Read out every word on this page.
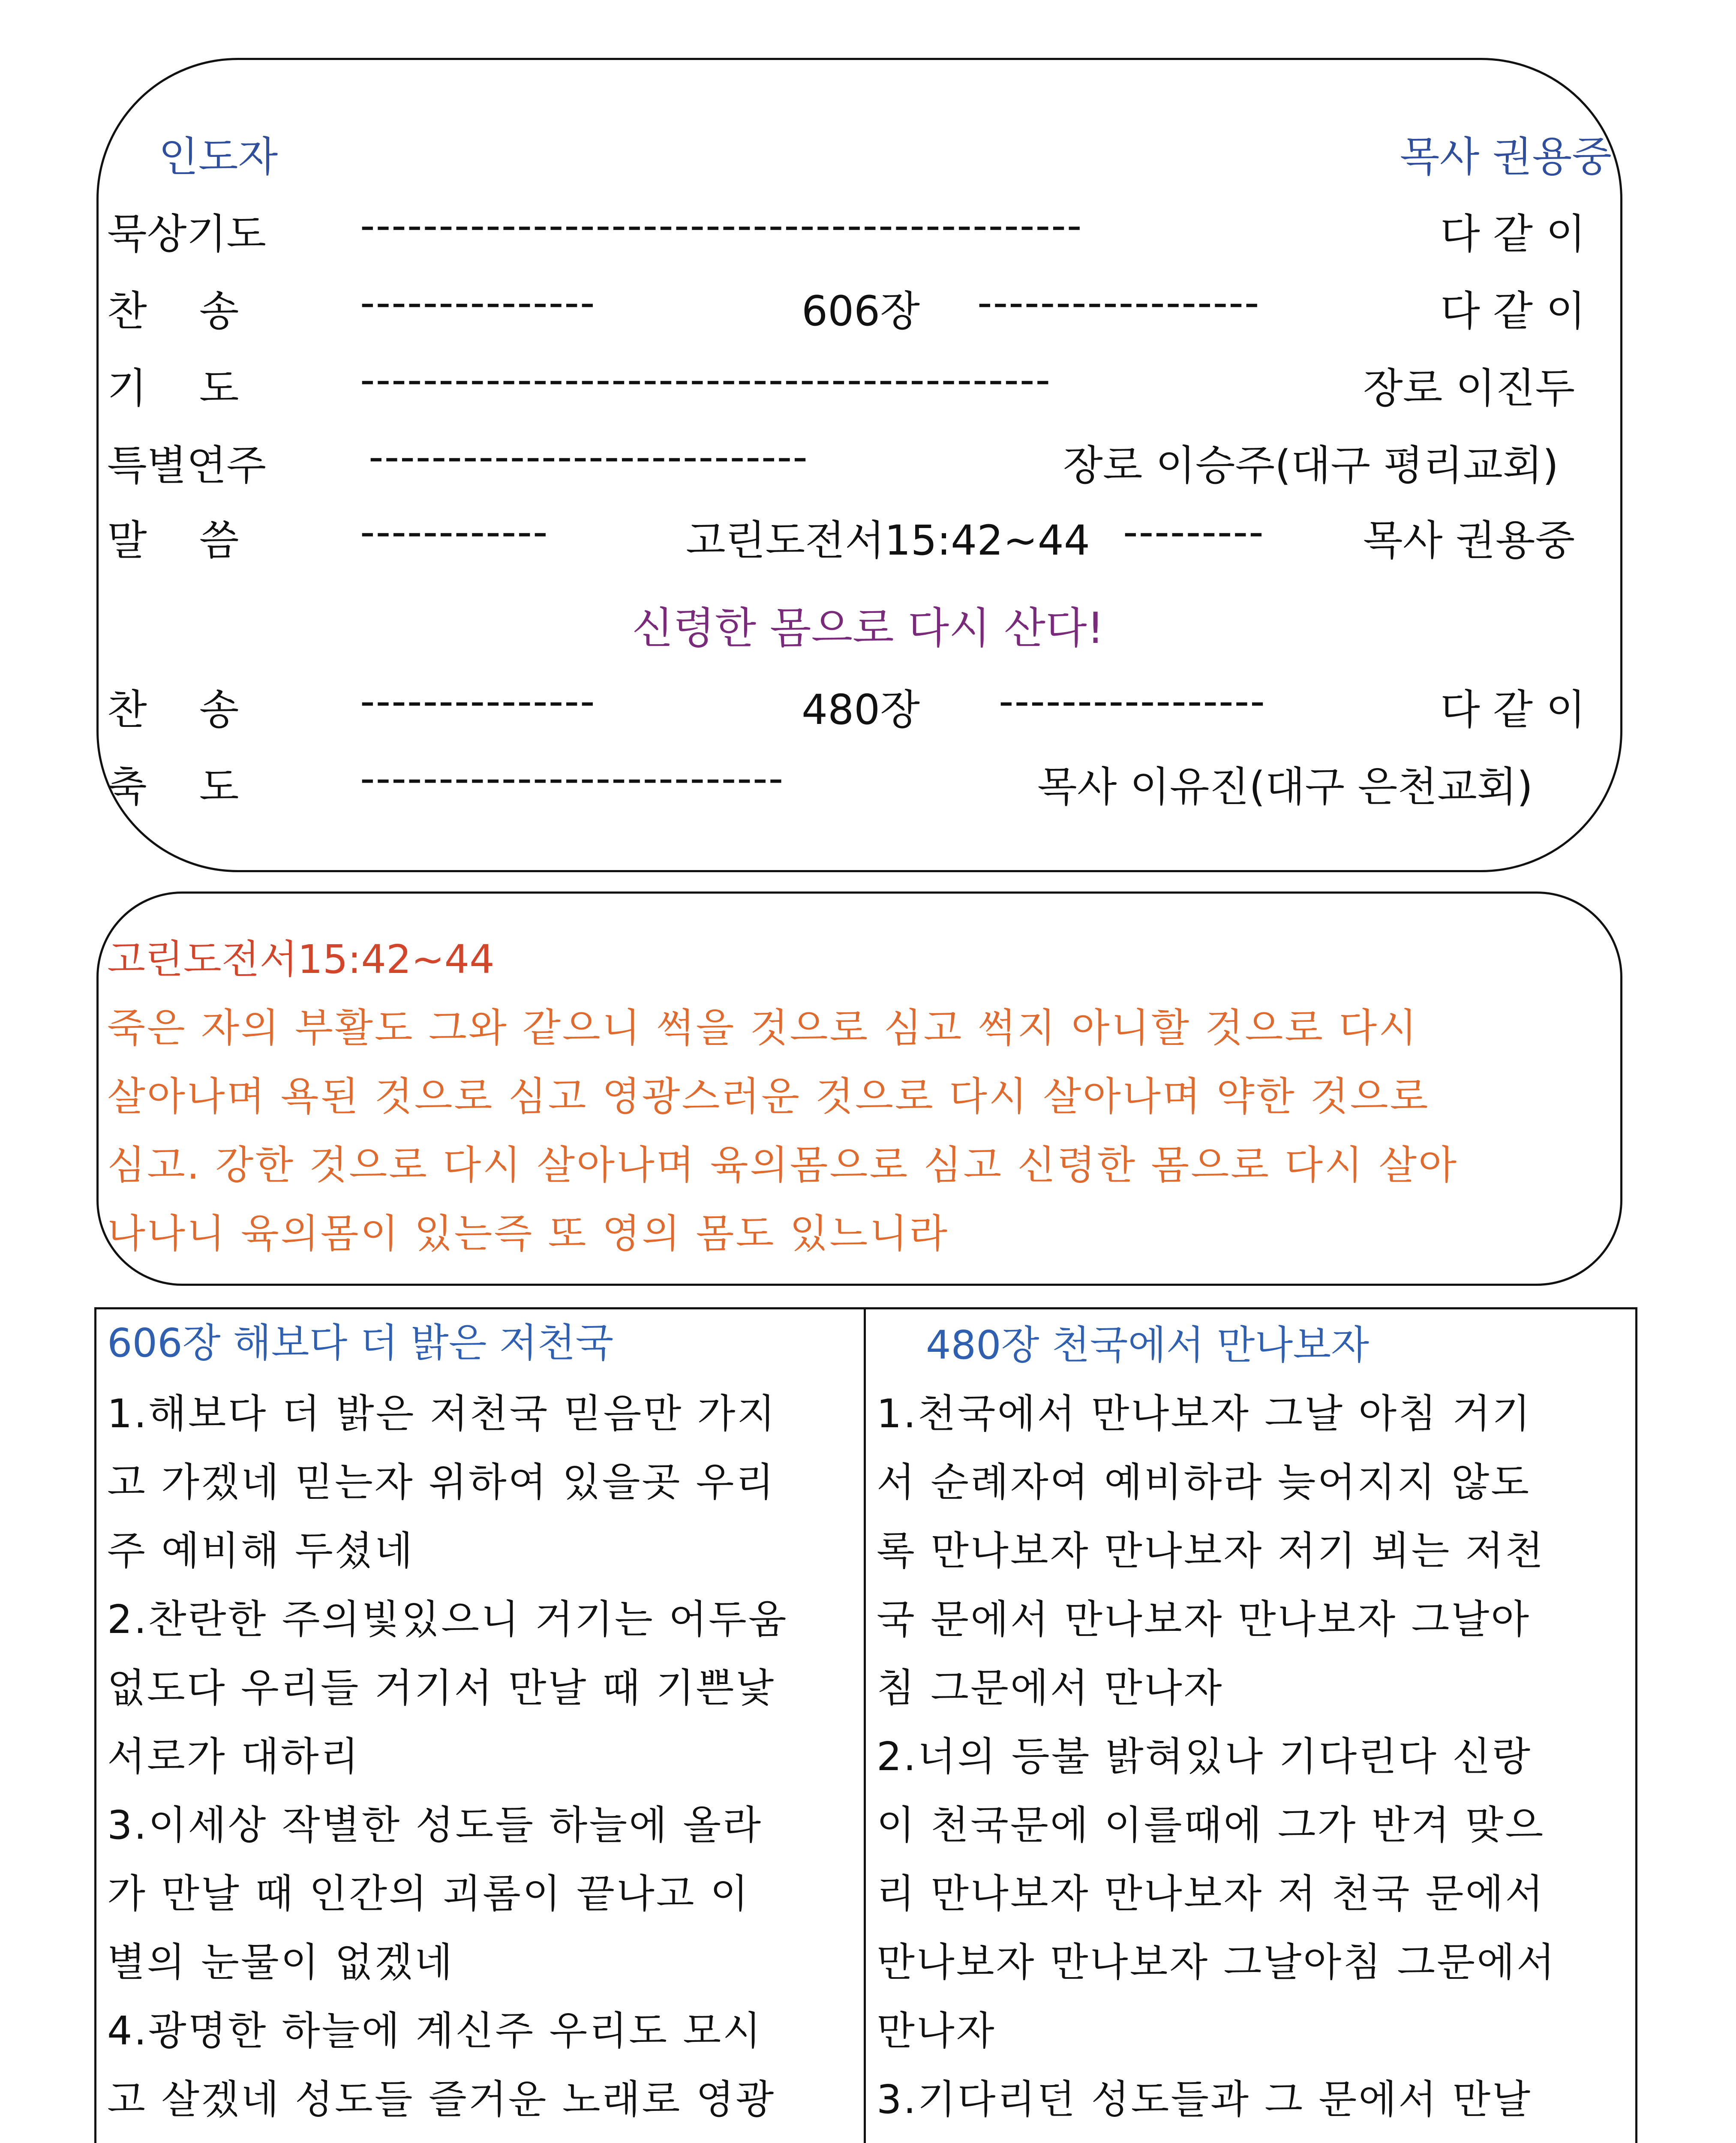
인도자	목사 권용중
묵상기도 ----------------------------------------------	다 같 이
찬    송	---------------	606장 ------------------	다 같 이
기    도	--------------------------------------------	장로 이진두
특별연주 ----------------------------	장로 이승주(대구 평리교회)
말    씀	------------	고린도전서15:42~44 --------- 목사 권용중
신령한 몸으로 다시 산다!
찬    송	---------------	480장 -----------------	다 같 이
축    도	---------------------------	목사 이유진(대구 은천교회)
고린도전서15:42~44
죽은 자의 부활도 그와 같으니 썩을 것으로 심고 썩지 아니할 것으로 다시
살아나며 욕된 것으로 심고 영광스러운 것으로 다시 살아나며 약한 것으로
심고. 강한 것으로 다시 살아나며 육의몸으로 심고 신령한 몸으로 다시 살아
나나니 육의몸이 있는즉 또 영의 몸도 있느니라
606장 해보다 더 밝은 저천국
1.해보다 더 밝은 저천국 믿음만 가지
고 가겠네 믿는자 위하여 있을곳 우리
주 예비해 두셨네
2.찬란한 주의빛있으니 거기는 어두움
없도다 우리들 거기서 만날 때 기쁜낯
서로가 대하리
3.이세상 작별한 성도들 하늘에 올라
가 만날 때 인간의 괴롬이 끝나고 이
별의 눈물이 없겠네
4.광명한 하늘에 계신주 우리도 모시
고 살겠네 성도들 즐거운 노래로 영광
480장 천국에서 만나보자
1.천국에서 만나보자 그날 아침 거기
서 순례자여 예비하라 늦어지지 않도
록 만나보자 만나보자 저기 뵈는 저천
국 문에서 만나보자 만나보자 그날아
침 그문에서 만나자
2.너의 등불 밝혀있나 기다린다 신랑
이 천국문에 이를때에 그가 반겨 맞으
리 만나보자 만나보자 저 천국 문에서
만나보자 만나보자 그날아침 그문에서
만나자
3.기다리던 성도들과 그 문에서 만날
